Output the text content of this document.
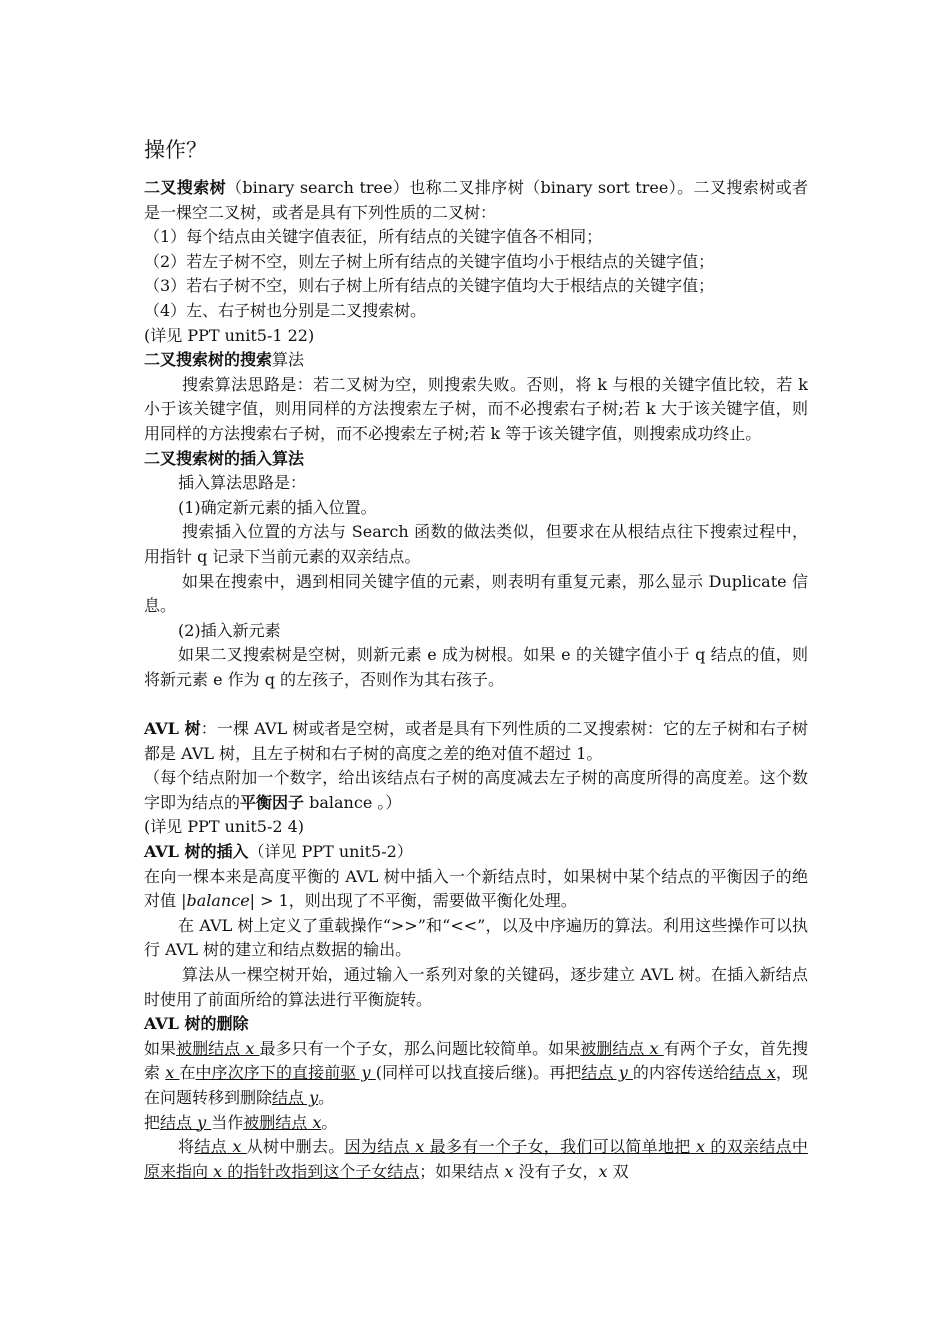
操作？

二叉搜索树（binary search tree）也称二叉排序树（binary sort tree）。二叉搜索树或者是一棵空二叉树，或者是具有下列性质的二叉树：

（1）每个结点由关键字值表征，所有结点的关键字值各不相同；

（2）若左子树不空，则左子树上所有结点的关键字值均小于根结点的关键字值；

（3）若右子树不空，则右子树上所有结点的关键字值均大于根结点的关键字值；

（4）左、右子树也分别是二叉搜索树。

(详见 PPT unit5-1 22)

二叉搜索树的搜索算法

搜索算法思路是：若二叉树为空，则搜索失败。否则，将 k 与根的关键字值比较，若 k 小于该关键字值，则用同样的方法搜索左子树，而不必搜索右子树;若 k 大于该关键字值，则用同样的方法搜索右子树，而不必搜索左子树;若 k 等于该关键字值，则搜索成功终止。

二叉搜索树的插入算法

插入算法思路是：

(1)确定新元素的插入位置。

搜索插入位置的方法与 Search 函数的做法类似，但要求在从根结点往下搜索过程中，用指针 q 记录下当前元素的双亲结点。

如果在搜索中，遇到相同关键字值的元素，则表明有重复元素，那么显示 Duplicate 信息。

(2)插入新元素

如果二叉搜索树是空树，则新元素 e 成为树根。如果 e 的关键字值小于 q 结点的值，则将新元素 e 作为 q 的左孩子，否则作为其右孩子。

AVL 树：一棵 AVL 树或者是空树，或者是具有下列性质的二叉搜索树：它的左子树和右子树都是 AVL 树，且左子树和右子树的高度之差的绝对值不超过 1。

（每个结点附加一个数字，给出该结点右子树的高度减去左子树的高度所得的高度差。这个数字即为结点的平衡因子 balance 。）

(详见 PPT unit5-2 4)

AVL 树的插入（详见 PPT unit5-2）

在向一棵本来是高度平衡的 AVL 树中插入一个新结点时，如果树中某个结点的平衡因子的绝对值 |balance| > 1，则出现了不平衡，需要做平衡化处理。

在 AVL 树上定义了重载操作“>>”和“<<”，以及中序遍历的算法。利用这些操作可以执行 AVL 树的建立和结点数据的输出。

算法从一棵空树开始，通过输入一系列对象的关键码，逐步建立 AVL 树。在插入新结点时使用了前面所给的算法进行平衡旋转。

AVL 树的删除

如果被删结点 x 最多只有一个子女，那么问题比较简单。如果被删结点 x 有两个子女，首先搜索 x 在中序次序下的直接前驱 y (同样可以找直接后继)。再把结点 y 的内容传送给结点 x，现在问题转移到删除结点 y。

把结点 y 当作被删结点 x。

将结点 x 从树中删去。因为结点 x 最多有一个子女，我们可以简单地把 x 的双亲结点中原来指向 x 的指针改指到这个子女结点；如果结点 x 没有子女，x 双
